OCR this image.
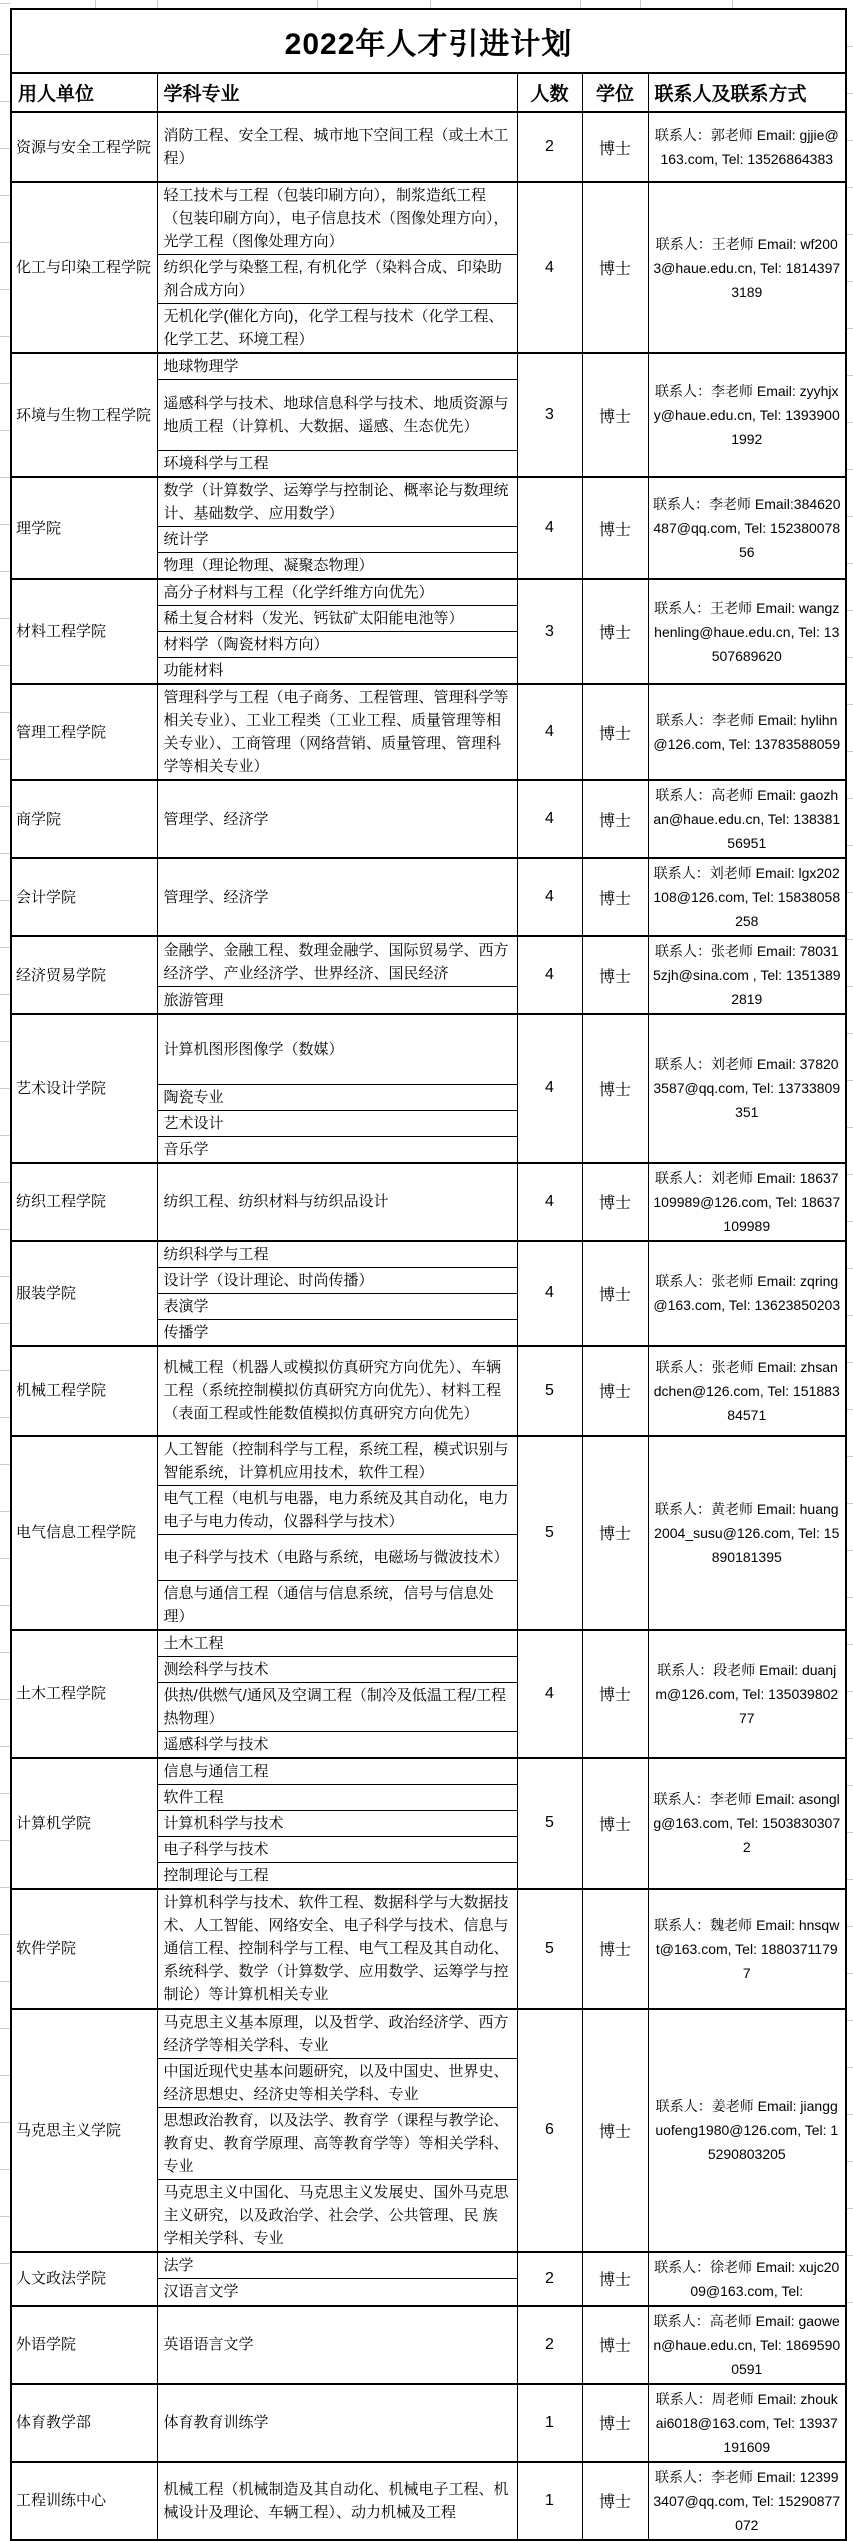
2022年人才引进计划				
用人单位	学科专业	人数	学位	联系人及联系方式
资源与安全工程学院	消防工程、安全工程、城市地下空间工程（或土木工程）	2	博士	联系人：郭老师 Email: gjjie@163.com, Tel: 13526864383
化工与印染工程学院	轻工技术与工程（包装印刷方向），制浆造纸工程（包装印刷方向），电子信息技术（图像处理方向），光学工程（图像处理方向）	4	博士	联系人：王老师 Email: wf2003@haue.edu.cn, Tel: 18143973189
	纺织化学与染整工程, 有机化学（染料合成、印染助剂合成方向）			
	无机化学(催化方向)，化学工程与技术（化学工程、化学工艺、环境工程）			
环境与生物工程学院	地球物理学	3	博士	联系人：李老师 Email: zyyhjxy@haue.edu.cn, Tel: 13939001992
	遥感科学与技术、地球信息科学与技术、地质资源与地质工程（计算机、大数据、遥感、生态优先）			
	环境科学与工程			
理学院	数学（计算数学、运筹学与控制论、概率论与数理统计、基础数学、应用数学）	4	博士	联系人：李老师 Email:384620487@qq.com, Tel: 15238007856
	统计学			
	物理（理论物理、凝聚态物理）			
材料工程学院	高分子材料与工程（化学纤维方向优先）	3	博士	联系人：王老师 Email: wangzhenling@haue.edu.cn, Tel: 13507689620
	稀土复合材料（发光、钙钛矿太阳能电池等）			
	材料学（陶瓷材料方向）			
	功能材料			
管理工程学院	管理科学与工程（电子商务、工程管理、管理科学等相关专业）、工业工程类（工业工程、质量管理等相关专业）、工商管理（网络营销、质量管理、管理科学等相关专业）	4	博士	联系人：李老师 Email: hylihn@126.com, Tel: 13783588059
商学院	管理学、经济学	4	博士	联系人：高老师 Email: gaozhan@haue.edu.cn, Tel: 13838156951
会计学院	管理学、经济学	4	博士	联系人：刘老师 Email: lgx202108@126.com, Tel: 15838058258
经济贸易学院	金融学、金融工程、数理金融学、国际贸易学、西方经济学、产业经济学、世界经济、国民经济	4	博士	联系人：张老师 Email: 780315zjh@sina.com , Tel: 13513892819
	旅游管理			
艺术设计学院	计算机图形图像学（数媒）	4	博士	联系人：刘老师 Email: 378203587@qq.com, Tel: 13733809351
	陶瓷专业			
	艺术设计			
	音乐学			
纺织工程学院	纺织工程、纺织材料与纺织品设计	4	博士	联系人：刘老师 Email: 18637109989@126.com, Tel: 18637109989
服装学院	纺织科学与工程	4	博士	联系人：张老师 Email: zqring@163.com, Tel: 13623850203
	设计学（设计理论、时尚传播）			
	表演学			
	传播学			
机械工程学院	机械工程（机器人或模拟仿真研究方向优先）、车辆工程（系统控制模拟仿真研究方向优先）、材料工程（表面工程或性能数值模拟仿真研究方向优先）	5	博士	联系人：张老师 Email: zhsandchen@126.com, Tel: 15188384571
电气信息工程学院	人工智能（控制科学与工程，系统工程，模式识别与智能系统，计算机应用技术，软件工程）	5	博士	联系人：黄老师 Email: huang2004_susu@126.com, Tel: 15890181395
	电气工程（电机与电器，电力系统及其自动化，电力电子与电力传动，仪器科学与技术）			
	电子科学与技术（电路与系统，电磁场与微波技术）			
	信息与通信工程（通信与信息系统，信号与信息处理）			
土木工程学院	土木工程	4	博士	联系人：段老师 Email: duanjm@126.com, Tel: 13503980277
	测绘科学与技术			
	供热/供燃气/通风及空调工程（制冷及低温工程/工程热物理）			
	遥感科学与技术			
计算机学院	信息与通信工程	5	博士	联系人：李老师 Email: asonglg@163.com, Tel: 15038303072
	软件工程			
	计算机科学与技术			
	电子科学与技术			
	控制理论与工程			
软件学院	计算机科学与技术、软件工程、数据科学与大数据技术、人工智能、网络安全、电子科学与技术、信息与通信工程、控制科学与工程、电气工程及其自动化、系统科学、数学（计算数学、应用数学、运筹学与控制论）等计算机相关专业	5	博士	联系人：魏老师 Email: hnsqwt@163.com, Tel: 18803711797
马克思主义学院	马克思主义基本原理，以及哲学、政治经济学、西方经济学等相关学科、专业	6	博士	联系人：姜老师 Email: jiangguofeng1980@126.com, Tel: 15290803205
	中国近现代史基本问题研究，以及中国史、世界史、经济思想史、经济史等相关学科、专业			
	思想政治教育，以及法学、教育学（课程与教学论、教育史、教育学原理、高等教育学等）等相关学科、专业			
	马克思主义中国化、马克思主义发展史、国外马克思主义研究，以及政治学、社会学、公共管理、民 族学相关学科、专业			
人文政法学院	法学	2	博士	联系人：徐老师 Email: xujc2009@163.com, Tel:
	汉语言文学			
外语学院	英语语言文学	2	博士	联系人：高老师 Email: gaowen@haue.edu.cn, Tel: 18695900591
体育教学部	体育教育训练学	1	博士	联系人：周老师 Email: zhoukai6018@163.com, Tel: 13937191609
工程训练中心	机械工程（机械制造及其自动化、机械电子工程、机械设计及理论、车辆工程）、动力机械及工程	1	博士	联系人：李老师 Email: 123993407@qq.com, Tel: 15290877072
